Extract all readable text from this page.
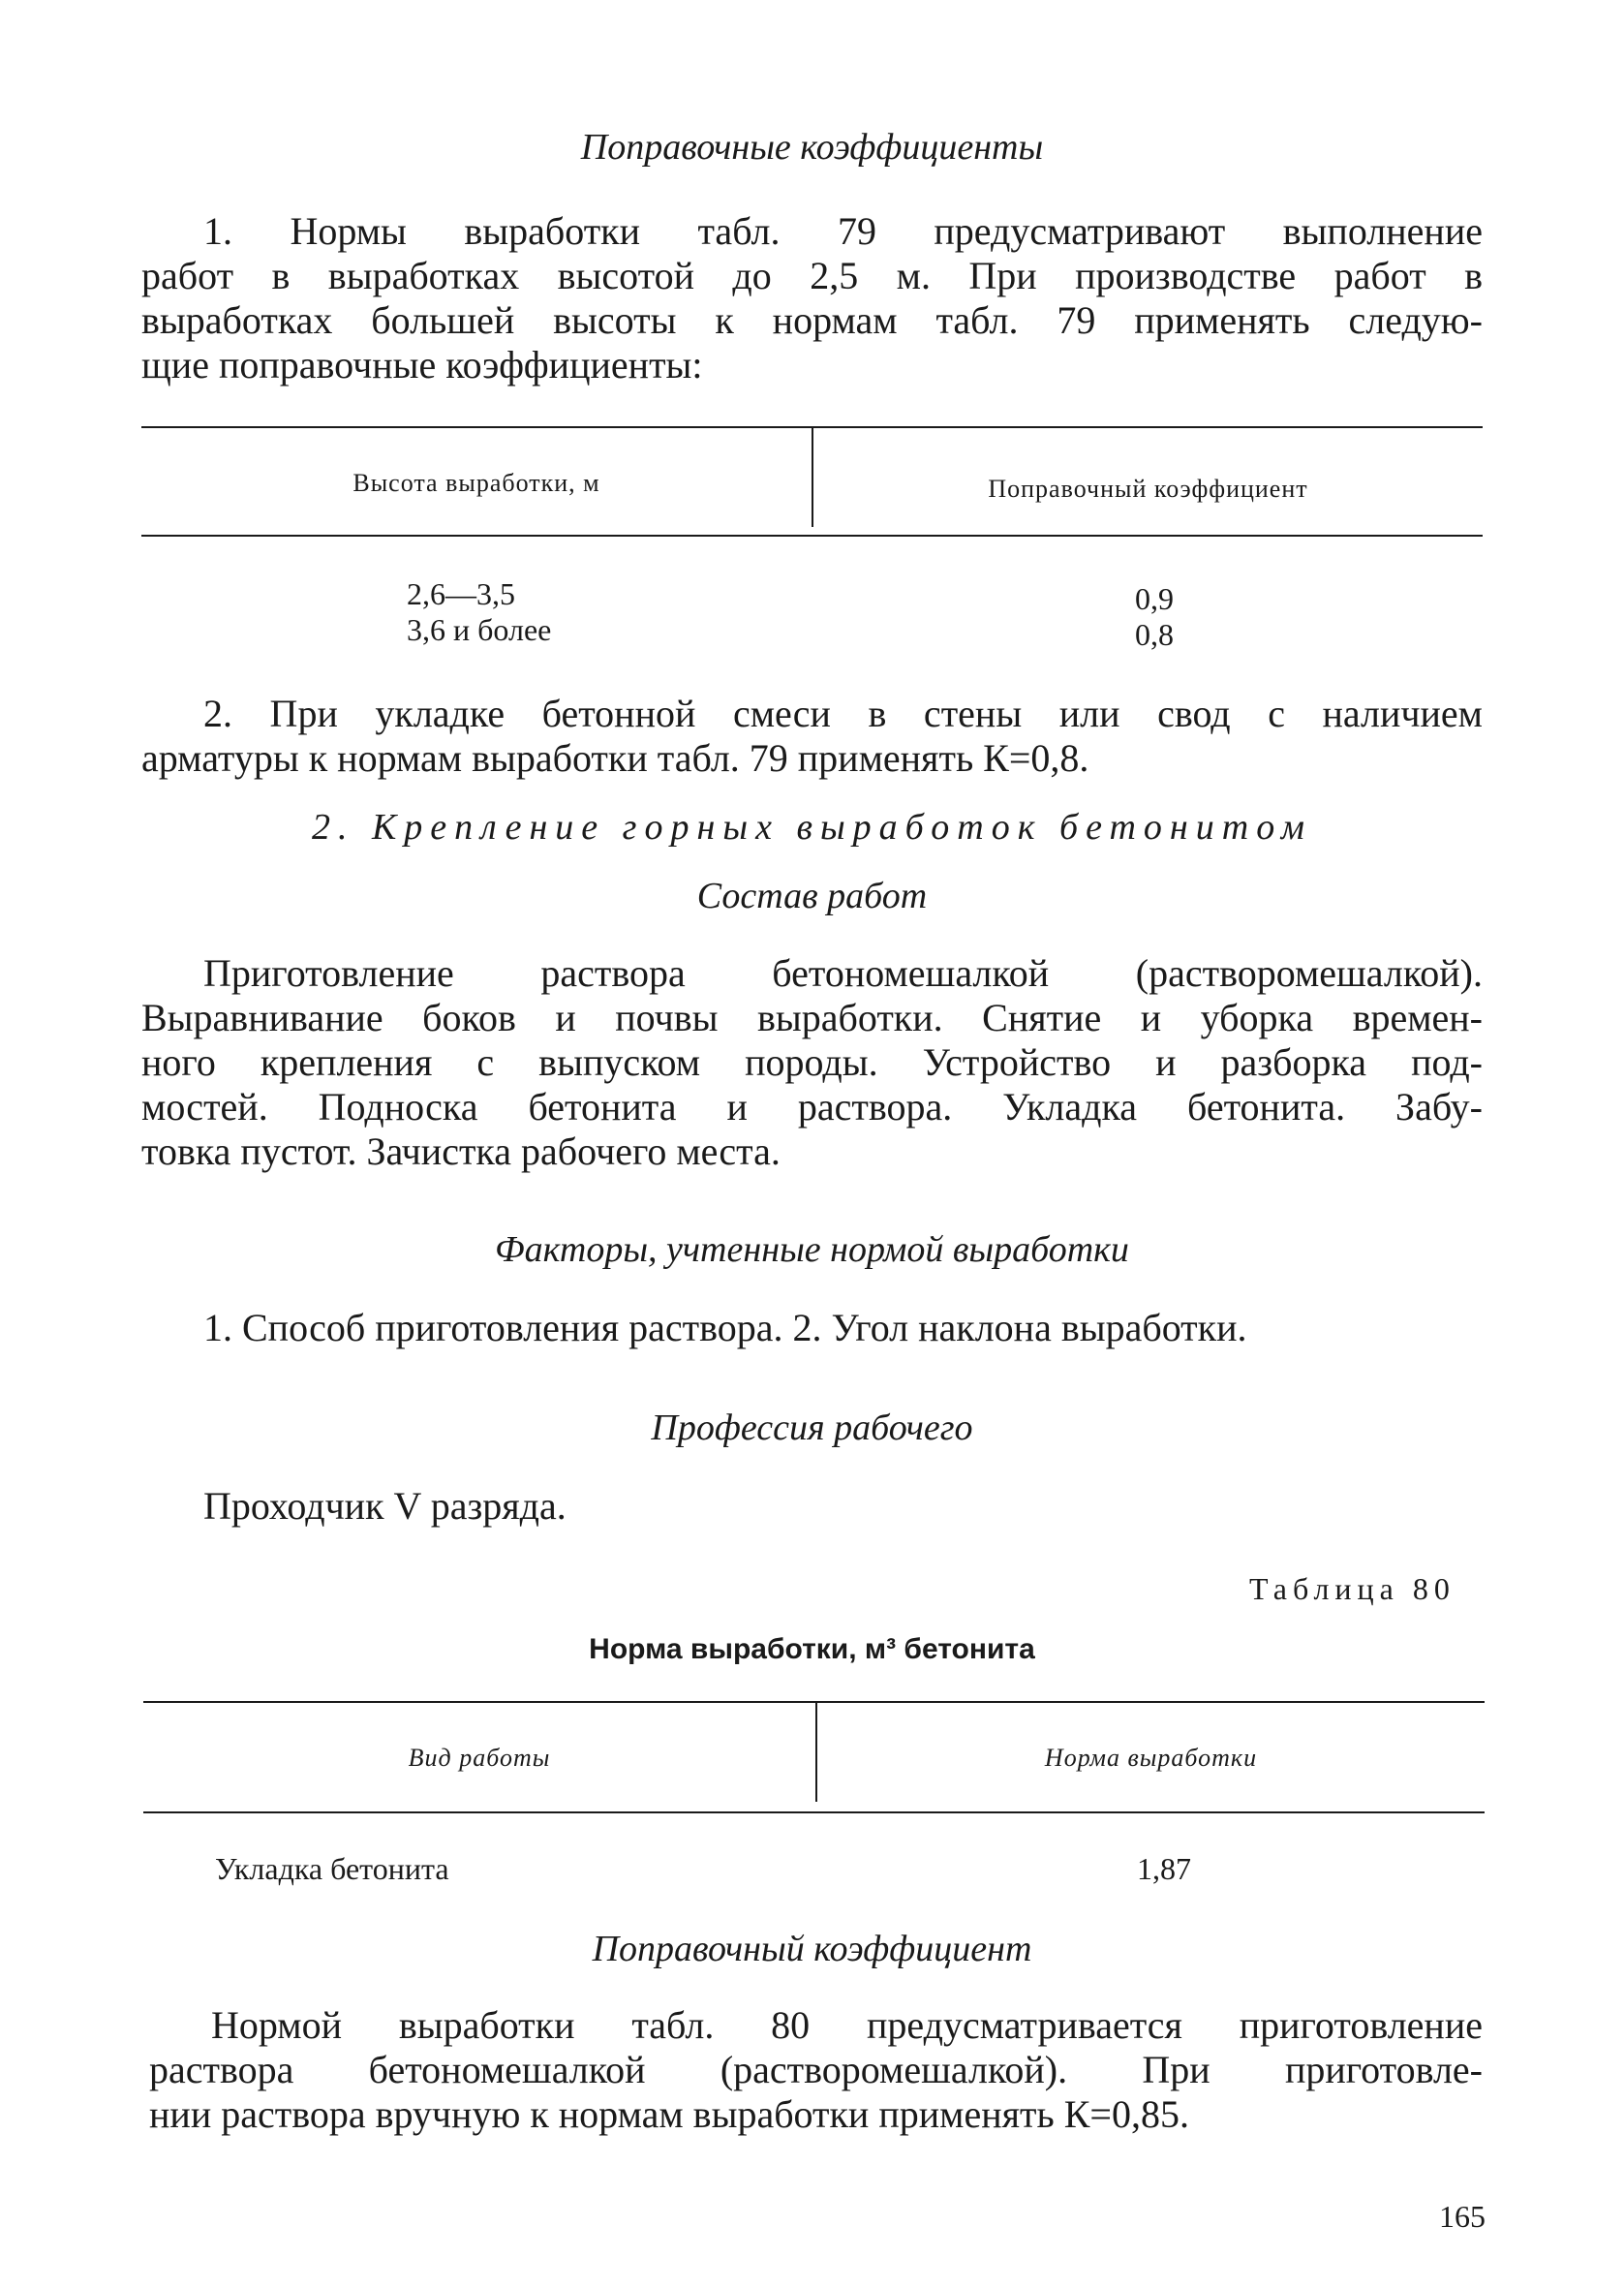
Поправочные коэффициенты
1. Нормы выработки табл. 79 предусматривают выполнение
работ в выработках высотой до 2,5 м. При производстве работ в
выработках большей высоты к нормам табл. 79 применять следую-
щие поправочные коэффициенты:
Высота выработки, м	Поправочный коэффициент
2,6—3,5	0,9
3,6 и более	0,8
2. При укладке бетонной смеси в стены или свод с наличием
арматуры к нормам выработки табл. 79 применять К=0,8.
2. Крепление горных выработок бетонитом
Состав работ
Приготовление раствора бетономешалкой (растворомешалкой).
Выравнивание боков и почвы выработки. Снятие и уборка времен-
ного крепления с выпуском породы. Устройство и разборка под-
мостей. Подноска бетонита и раствора. Укладка бетонита. Забу-
товка пустот. Зачистка рабочего места.
Факторы, учтенные нормой выработки
1. Способ приготовления раствора. 2. Угол наклона выработки.
Профессия рабочего
Проходчик V разряда.
Таблица 80
Норма выработки, м³ бетонита
Вид работы	Норма выработки
Укладка бетонита	1,87
Поправочный коэффициент
Нормой выработки табл. 80 предусматривается приготовление
раствора бетономешалкой (растворомешалкой). При приготовле-
нии раствора вручную к нормам выработки применять К=0,85.
165
